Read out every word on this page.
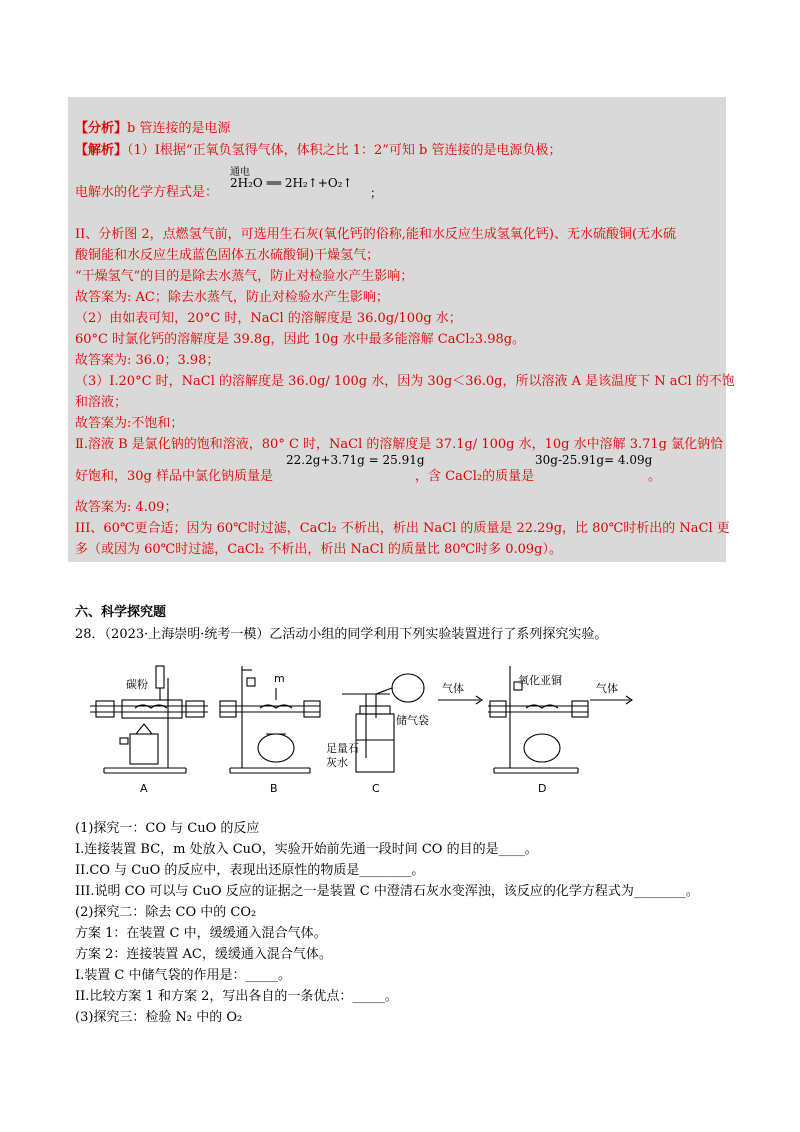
【分析】b 管连接的是电源
【解析】（1）Ⅰ根据“正氧负氢得气体，体积之比 1：2”可知 b 管连接的是电源负极；
电解水的化学方程式是：
通电
2H₂O ══ 2H₂↑+O₂↑
；
II、分析图 2，点燃氢气前，可选用生石灰(氧化钙的俗称,能和水反应生成氢氧化钙)、无水硫酸铜(无水硫
酸铜能和水反应生成蓝色固体五水硫酸铜)干燥氢气；
“干燥氢气”的目的是除去水蒸气，防止对检验水产生影响；
故答案为: AC；除去水蒸气，防止对检验水产生影响；
（2）由如表可知，20°C 时，NaCl 的溶解度是 36.0g/100g 水；
60°C 时氯化钙的溶解度是 39.8g，因此 10g 水中最多能溶解 CaCl₂3.98g。
故答案为: 36.0；3.98；
（3）Ⅰ.20°C 时，NaCl 的溶解度是 36.0g/ 100g 水，因为 30g＜36.0g，所以溶液 A 是该温度下 N aCl 的不饱
和溶液；
故答案为:不饱和；
Ⅱ.溶液 B 是氯化钠的饱和溶液，80° C 时，NaCl 的溶解度是 37.1g/ 100g 水，10g 水中溶解 3.71g 氯化钠恰
好饱和，30g 样品中氯化钠质量是
22.2g+3.71g = 25.91g
，含 CaCl₂的质量是
30g-25.91g= 4.09g
。
故答案为: 4.09；
III、60℃更合适；因为 60℃时过滤，CaCl₂ 不析出，析出 NaCl 的质量是 22.29g，比 80℃时析出的 NaCl 更
多（或因为 60℃时过滤，CaCl₂ 不析出，析出 NaCl 的质量比 80℃时多 0.09g）。
六、科学探究题
28．（2023·上海崇明·统考一模）乙活动小组的同学利用下列实验装置进行了系列探究实验。
碳粉	m
储气袋
足量石
灰水
气体
氧化亚铜
气体
A	B	C	D
(1)探究一：CO 与 CuO 的反应
I.连接装置 BC，m 处放入 CuO，实验开始前先通一段时间 CO 的目的是____。
II.CO 与 CuO 的反应中，表现出还原性的物质是________。
III.说明 CO 可以与 CuO 反应的证据之一是装置 C 中澄清石灰水变浑浊，该反应的化学方程式为________。
(2)探究二：除去 CO 中的 CO₂
方案 1：在装置 C 中，缓缓通入混合气体。
方案 2：连接装置 AC，缓缓通入混合气体。
I.装置 C 中储气袋的作用是：_____。
II.比较方案 1 和方案 2，写出各自的一条优点：_____。
(3)探究三：检验 N₂ 中的 O₂
